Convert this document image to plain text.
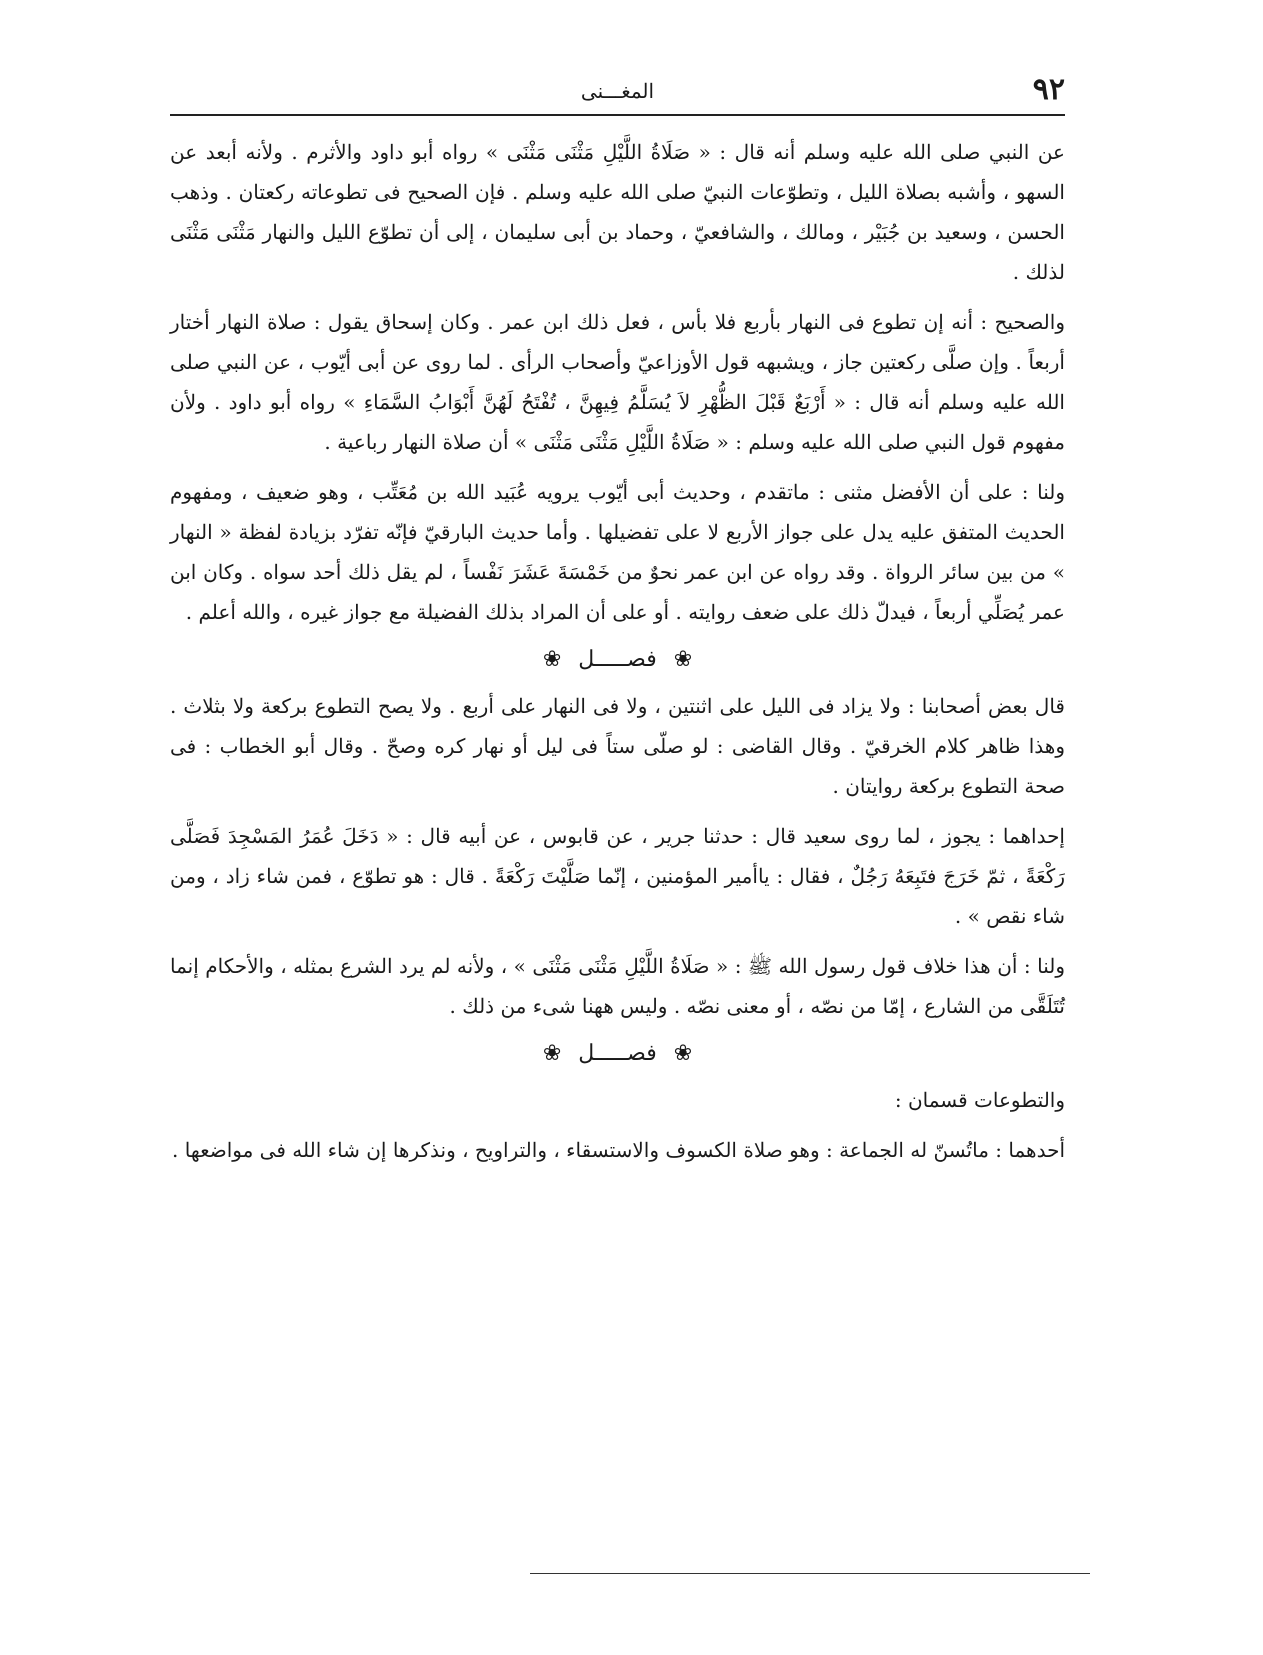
٩٢
المغـــنى

عن النبي صلى الله عليه وسلم أنه قال : « صَلَاةُ اللَّيْلِ مَثْنَى مَثْنَى » رواه أبو داود والأثرم . ولأنه أبعد عن السهو ، وأشبه بصلاة الليل ، وتطوّعات النبيّ صلى الله عليه وسلم . فإن الصحيح فى تطوعاته ركعتان . وذهب الحسن ، وسعيد بن جُبَيْر ، ومالك ، والشافعيّ ، وحماد بن أبى سليمان ، إلى أن تطوّع الليل والنهار مَثْنَى مَثْنَى لذلك .

والصحيح : أنه إن تطوع فى النهار بأربع فلا بأس ، فعل ذلك ابن عمر . وكان إسحاق يقول : صلاة النهار أختار أربعاً . وإن صلَّى ركعتين جاز ، ويشبهه قول الأوزاعيّ وأصحاب الرأى . لما روى عن أبى أيّوب ، عن النبي صلى الله عليه وسلم أنه قال : « أَرْبَعٌ قَبْلَ الظُّهْرِ لاَ يُسَلَّمُ فِيهِنَّ ، تُفْتَحُ لَهُنَّ أَبْوَابُ السَّمَاءِ » رواه أبو داود . ولأن مفهوم قول النبي صلى الله عليه وسلم : « صَلَاةُ اللَّيْلِ مَثْنَى مَثْنَى » أن صلاة النهار رباعية .

ولنا : على أن الأفضل مثنى : ماتقدم ، وحديث أبى أيّوب يرويه عُبَيد الله بن مُعَتِّب ، وهو ضعيف ، ومفهوم الحديث المتفق عليه يدل على جواز الأربع لا على تفضيلها . وأما حديث البارقيّ فإنّه تفرّد بزيادة لفظة « النهار » من بين سائر الرواة . وقد رواه عن ابن عمر نحوٌ من خَمْسَةَ عَشَرَ نَفْساً ، لم يقل ذلك أحد سواه . وكان ابن عمر يُصَلِّي أربعاً ، فيدلّ ذلك على ضعف روايته . أو على أن المراد بذلك الفضيلة مع جواز غيره ، والله أعلم .

❀ فصـــــل ❀

قال بعض أصحابنا : ولا يزاد فى الليل على اثنتين ، ولا فى النهار على أربع . ولا يصح التطوع بركعة ولا بثلاث . وهذا ظاهر كلام الخرقيّ . وقال القاضى : لو صلّى ستاً فى ليل أو نهار كره وصحّ . وقال أبو الخطاب : فى صحة التطوع بركعة روايتان .

إحداهما : يجوز ، لما روى سعيد قال : حدثنا جرير ، عن قابوس ، عن أبيه قال : « دَخَلَ عُمَرُ المَسْجِدَ فَصَلَّى رَكْعَةً ، ثمّ خَرَجَ فتَبِعَهُ رَجُلٌ ، فقال : ياأمير المؤمنين ، إنّما صَلَّيْتَ رَكْعَةً . قال : هو تطوّع ، فمن شاء زاد ، ومن شاء نقص » .

ولنا : أن هذا خلاف قول رسول الله ﷺ : « صَلَاةُ اللَّيْلِ مَثْنَى مَثْنَى » ، ولأنه لم يرد الشرع بمثله ، والأحكام إنما تُتَلَقَّى من الشارع ، إمّا من نصّه ، أو معنى نصّه . وليس ههنا شىء من ذلك .

❀ فصـــــل ❀

والتطوعات قسمان :

أحدهما : ماتُسنّ له الجماعة : وهو صلاة الكسوف والاستسقاء ، والتراويح ، ونذكرها إن شاء الله فى مواضعها .
